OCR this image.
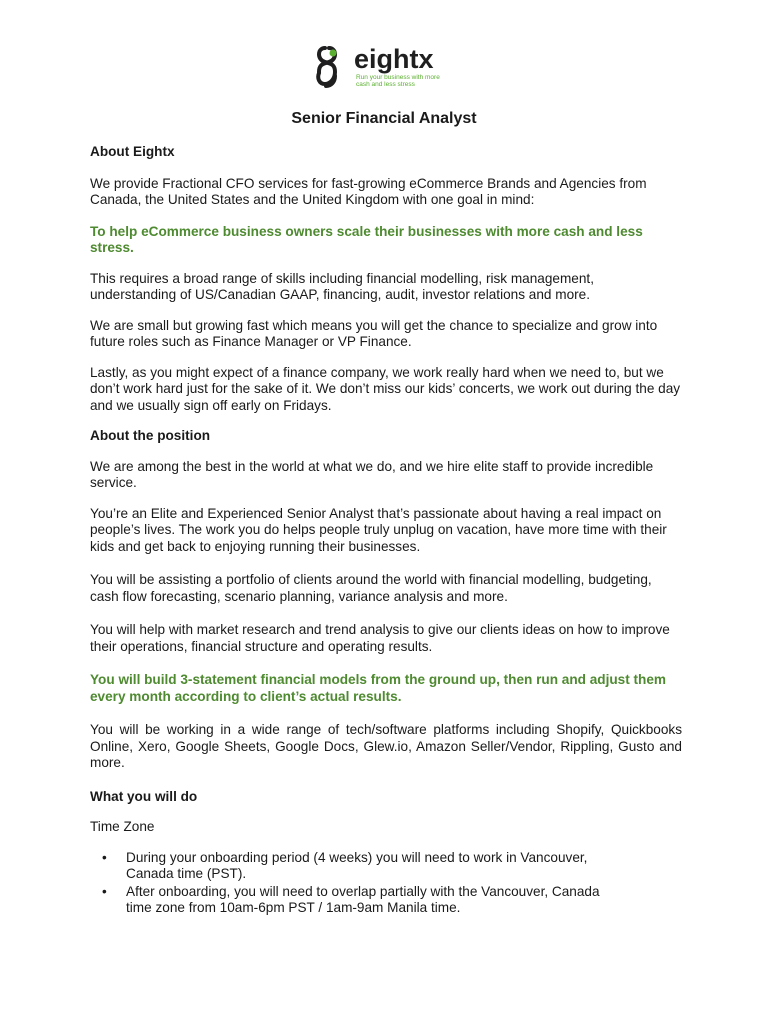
eightx
Run your business with more
cash and less stress
Senior Financial Analyst

About Eightx

We provide Fractional CFO services for fast-growing eCommerce Brands and Agencies from Canada, the United States and the United Kingdom with one goal in mind:

To help eCommerce business owners scale their businesses with more cash and less stress.

This requires a broad range of skills including financial modelling, risk management, understanding of US/Canadian GAAP, financing, audit, investor relations and more.

We are small but growing fast which means you will get the chance to specialize and grow into future roles such as Finance Manager or VP Finance.

Lastly, as you might expect of a finance company, we work really hard when we need to, but we don’t work hard just for the sake of it. We don’t miss our kids’ concerts, we work out during the day and we usually sign off early on Fridays.

About the position

We are among the best in the world at what we do, and we hire elite staff to provide incredible service.

You’re an Elite and Experienced Senior Analyst that’s passionate about having a real impact on people’s lives. The work you do helps people truly unplug on vacation, have more time with their kids and get back to enjoying running their businesses.

You will be assisting a portfolio of clients around the world with financial modelling, budgeting, cash flow forecasting, scenario planning, variance analysis and more.

You will help with market research and trend analysis to give our clients ideas on how to improve their operations, financial structure and operating results.

You will build 3-statement financial models from the ground up, then run and adjust them every month according to client’s actual results.

You will be working in a wide range of tech/software platforms including Shopify, Quickbooks Online, Xero, Google Sheets, Google Docs, Glew.io, Amazon Seller/Vendor, Rippling, Gusto and more.

What you will do

Time Zone

• During your onboarding period (4 weeks) you will need to work in Vancouver, Canada time (PST).
• After onboarding, you will need to overlap partially with the Vancouver, Canada time zone from 10am-6pm PST / 1am-9am Manila time.
